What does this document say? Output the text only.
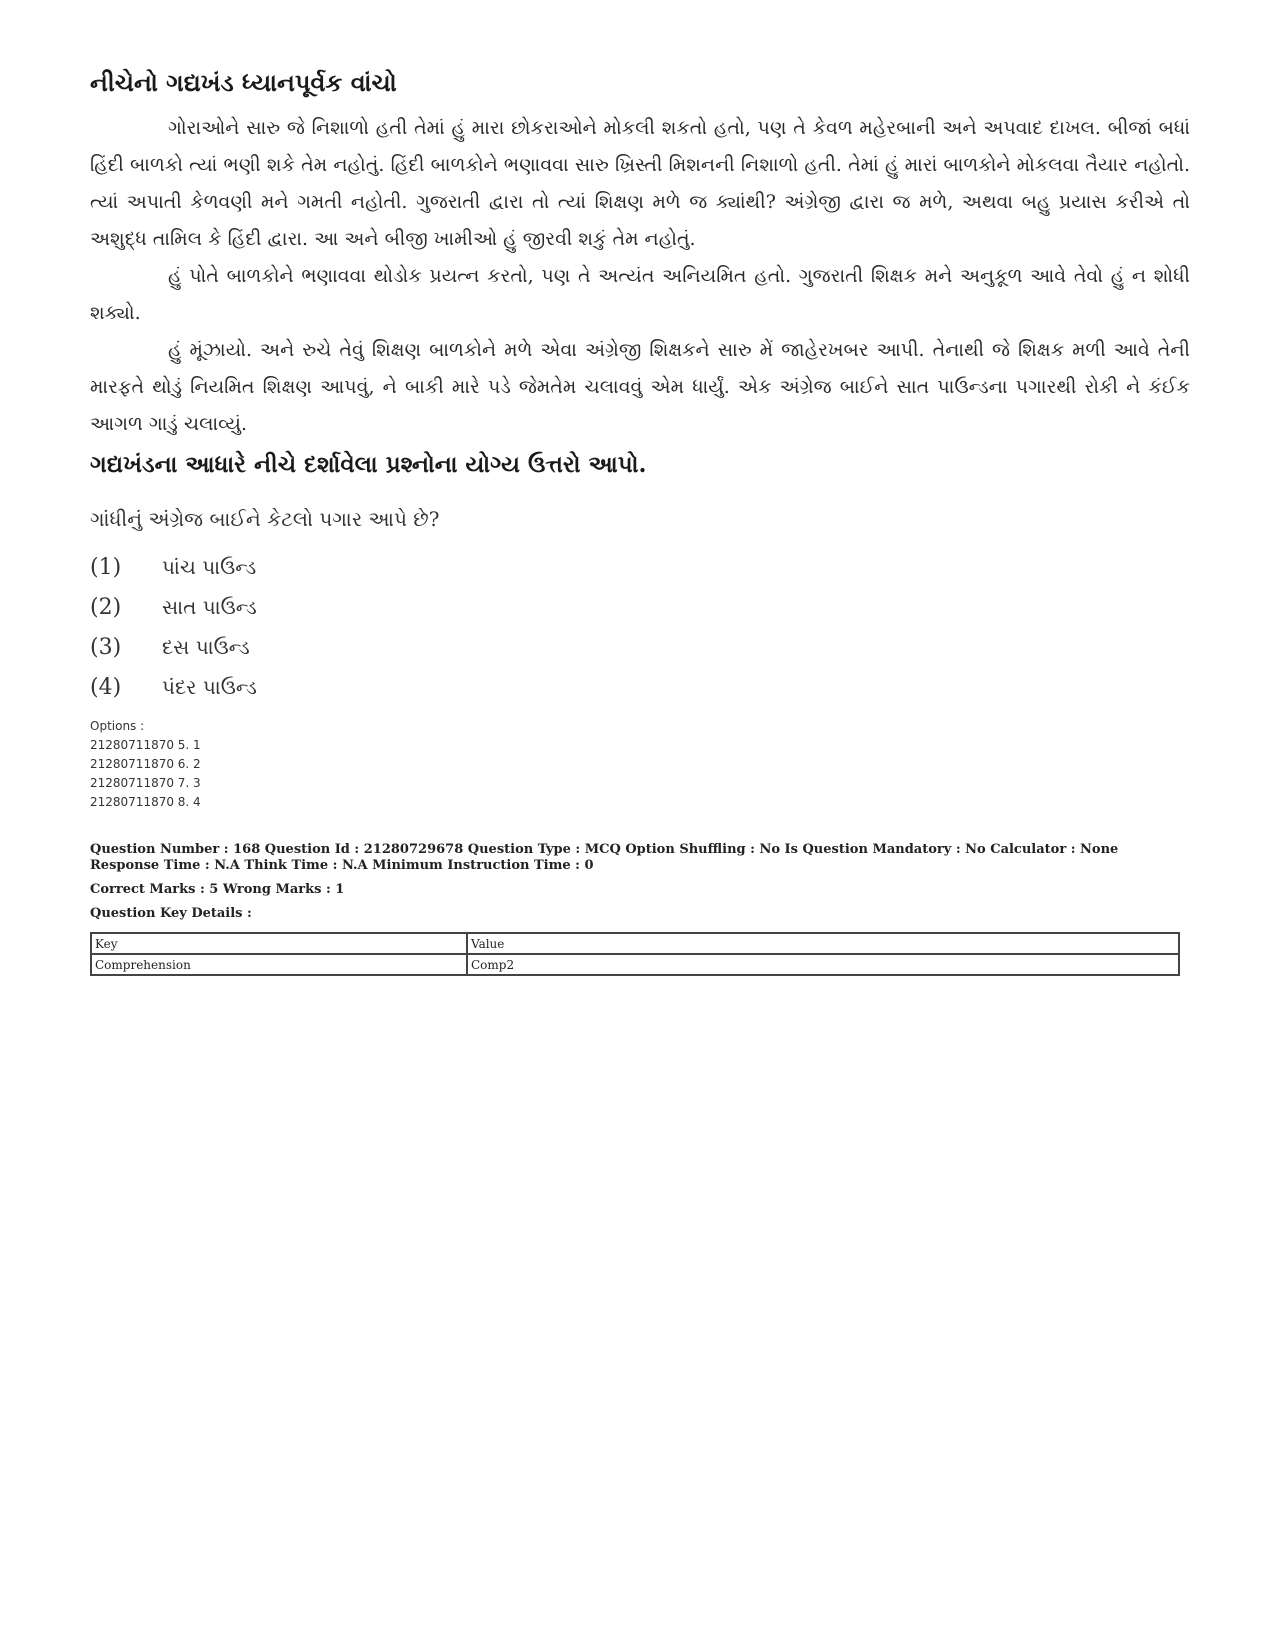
નીચેનો ગદ્યખંડ ધ્યાનપૂર્વક વાંચો

ગોરાઓને સારુ જે નિશાળો હતી તેમાં હું મારા છોકરાઓને મોકલી શકતો હતો, પણ તે કેવળ મહેરબાની અને અપવાદ દાખલ. બીજાં બધાં હિંદી બાળકો ત્યાં ભણી શકે તેમ નહોતું. હિંદી બાળકોને ભણાવવા સારુ ખ્રિસ્તી મિશનની નિશાળો હતી. તેમાં હું મારાં બાળકોને મોકલવા તૈયાર નહોતો. ત્યાં અપાતી કેળવણી મને ગમતી નહોતી. ગુજરાતી દ્વારા તો ત્યાં શિક્ષણ મળે જ ક્યાંથી? અંગ્રેજી દ્વારા જ મળે, અથવા બહુ પ્રયાસ કરીએ તો અશુદ્ધ તામિલ કે હિંદી દ્વારા. આ અને બીજી ખામીઓ હું જીરવી શકું તેમ નહોતું.

હું પોતે બાળકોને ભણાવવા થોડોક પ્રયત્ન કરતો, પણ તે અત્યંત અનિયમિત હતો. ગુજરાતી શિક્ષક મને અનુકૂળ આવે તેવો હું ન શોધી શક્યો.

હું મૂંઝાયો. અને રુચે તેવું શિક્ષણ બાળકોને મળે એવા અંગ્રેજી શિક્ષકને સારુ મેં જાહેરખબર આપી. તેનાથી જે શિક્ષક મળી આવે તેની મારફતે થોડું નિયમિત શિક્ષણ આપવું, ને બાકી મારે પડે જેમતેમ ચલાવવું એમ ધાર્યું. એક અંગ્રેજ બાઈને સાત પાઉન્ડના પગારથી રોકી ને કંઈક આગળ ગાડું ચલાવ્યું.

ગદ્યખંડના આધારે નીચે દર્શાવેલા પ્રશ્નોના યોગ્ય ઉત્તરો આપો.
ગાંધીનું અંગ્રેજ બાઈને કેટલો પગાર આપે છે?
(1)	પાંચ પાઉન્ડ
(2)	સાત પાઉન્ડ
(3)	દસ પાઉન્ડ
(4)	પંદર પાઉન્ડ
Options :
21280711870 5. 1
21280711870 6. 2
21280711870 7. 3
21280711870 8. 4

Question Number : 168 Question Id : 21280729678 Question Type : MCQ Option Shuffling : No Is Question Mandatory : No Calculator : None

Response Time : N.A Think Time : N.A Minimum Instruction Time : 0

Correct Marks : 5 Wrong Marks : 1

Question Key Details :

Key	Value
Comprehension	Comp2
